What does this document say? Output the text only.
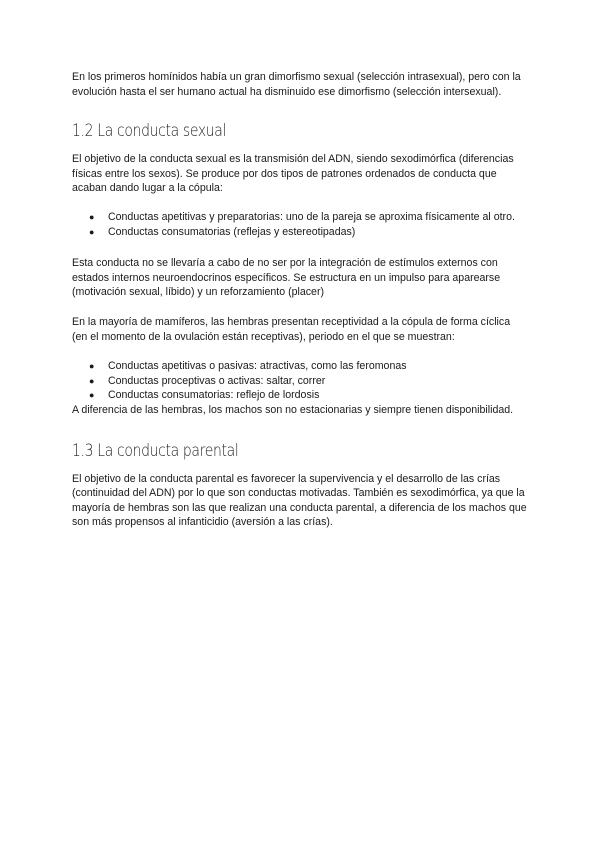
En los primeros homínidos había un gran dimorfismo sexual (selección intrasexual), pero con la evolución hasta el ser humano actual ha disminuido ese dimorfismo (selección intersexual).

1.2 La conducta sexual

El objetivo de la conducta sexual es la transmisión del ADN, siendo sexodimórfica (diferencias físicas entre los sexos). Se produce por dos tipos de patrones ordenados de conducta que acaban dando lugar a la cópula:

● Conductas apetitivas y preparatorias: uno de la pareja se aproxima físicamente al otro.
● Conductas consumatorias (reflejas y estereotipadas)

Esta conducta no se llevaría a cabo de no ser por la integración de estímulos externos con estados internos neuroendocrinos específicos. Se estructura en un impulso para aparearse (motivación sexual, líbido) y un reforzamiento (placer)

En la mayoría de mamíferos, las hembras presentan receptividad a la cópula de forma cíclica (en el momento de la ovulación están receptivas), periodo en el que se muestran:

● Conductas apetitivas o pasivas: atractivas, como las feromonas
● Conductas proceptivas o activas: saltar, correr
● Conductas consumatorias: reflejo de lordosis

A diferencia de las hembras, los machos son no estacionarias y siempre tienen disponibilidad.

1.3 La conducta parental

El objetivo de la conducta parental es favorecer la supervivencia y el desarrollo de las crías (continuidad del ADN) por lo que son conductas motivadas. También es sexodimórfica, ya que la mayoría de hembras son las que realizan una conducta parental, a diferencia de los machos que son más propensos al infanticidio (aversión a las crías).
